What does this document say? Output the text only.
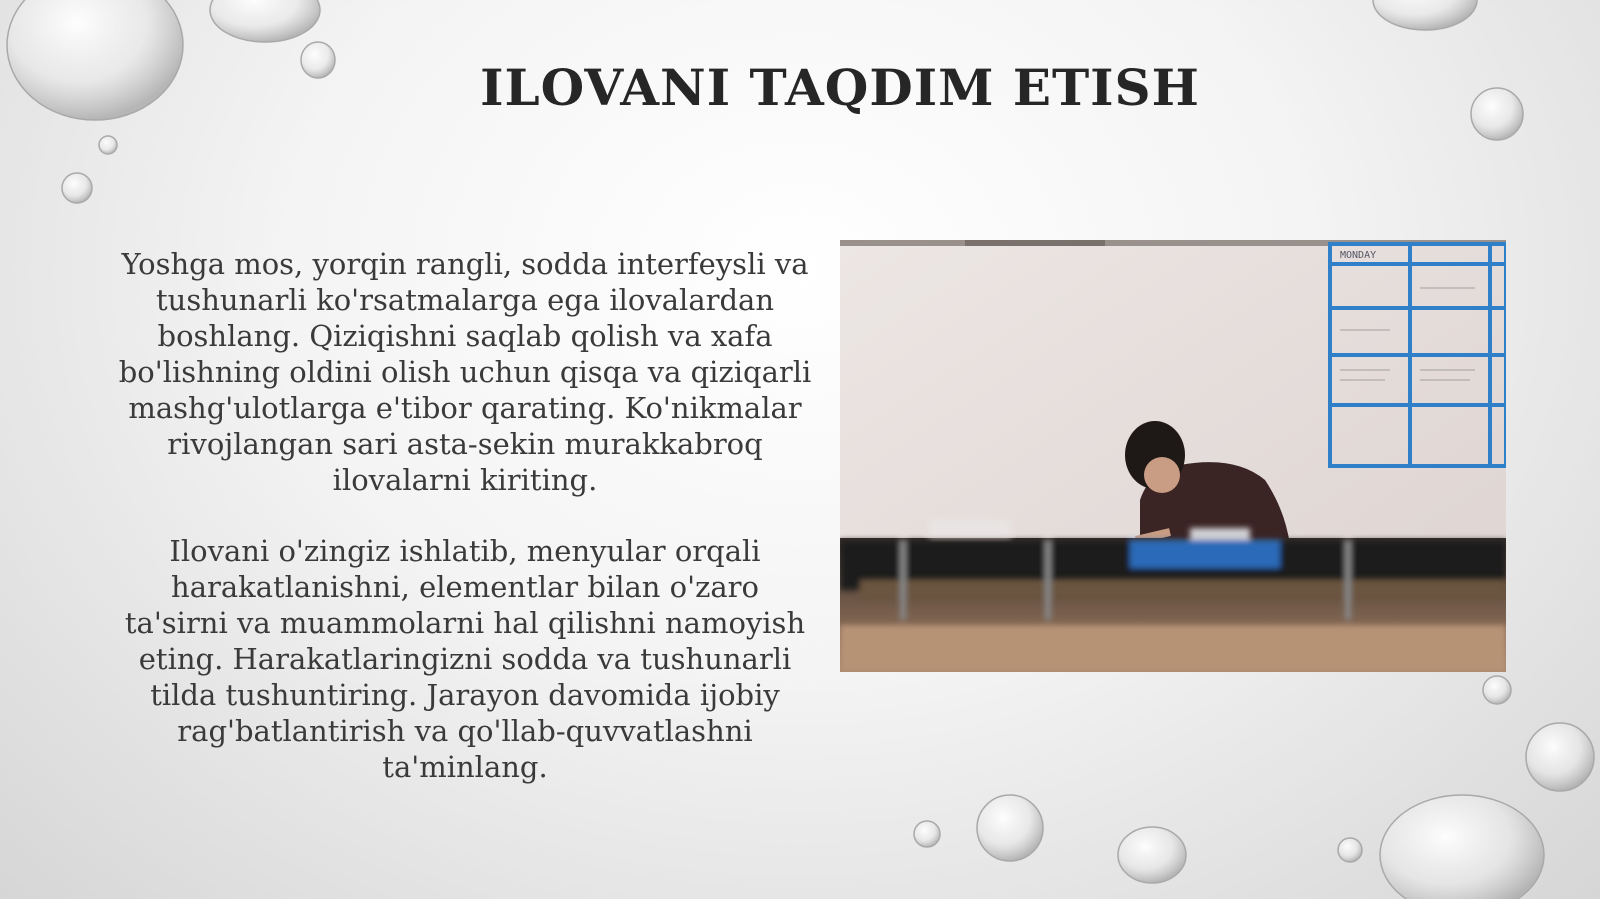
ILOVANI TAQDIM ETISH
Yoshga mos, yorqin rangli, sodda interfeysli va tushunarli ko'rsatmalarga ega ilovalardan boshlang. Qiziqishni saqlab qolish va xafa bo'lishning oldini olish uchun qisqa va qiziqarli mashg'ulotlarga e'tibor qarating. Ko'nikmalar rivojlangan sari asta-sekin murakkabroq ilovalarni kiriting.
Ilovani o'zingiz ishlatib, menyular orqali harakatlanishni, elementlar bilan o'zaro ta'sirni va muammolarni hal qilishni namoyish eting. Harakatlaringizni sodda va tushunarli tilda tushuntiring. Jarayon davomida ijobiy rag'batlantirish va qo'llab-quvvatlashni ta'minlang.
MONDAY
